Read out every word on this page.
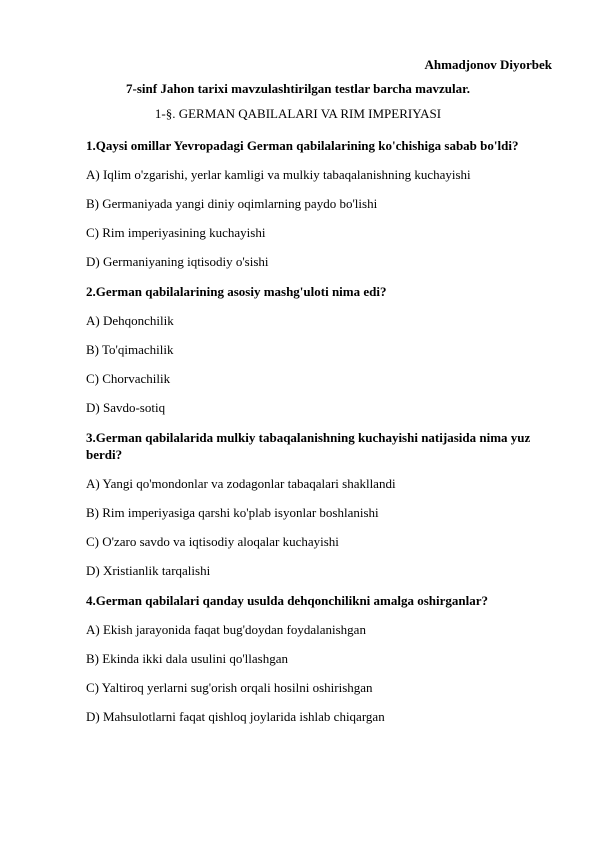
Ahmadjonov Diyorbek
7-sinf Jahon tarixi mavzulashtirilgan testlar barcha mavzular.
1-§. GERMAN QABILALARI VA RIM IMPERIYASI

1.Qaysi omillar Yevropadagi German qabilalarining ko'chishiga sabab bo'ldi?

A) Iqlim o'zgarishi, yerlar kamligi va mulkiy tabaqalanishning kuchayishi

B) Germaniyada yangi diniy oqimlarning paydo bo'lishi

C) Rim imperiyasining kuchayishi

D) Germaniyaning iqtisodiy o'sishi

2.German qabilalarining asosiy mashg'uloti nima edi?

A) Dehqonchilik

B) To'qimachilik

C) Chorvachilik

D) Savdo-sotiq

3.German qabilalarida mulkiy tabaqalanishning kuchayishi natijasida nima yuz berdi?

A) Yangi qo'mondonlar va zodagonlar tabaqalari shakllandi

B) Rim imperiyasiga qarshi ko'plab isyonlar boshlanishi

C) O'zaro savdo va iqtisodiy aloqalar kuchayishi

D) Xristianlik tarqalishi

4.German qabilalari qanday usulda dehqonchilikni amalga oshirganlar?

A) Ekish jarayonida faqat bug'doydan foydalanishgan

B) Ekinda ikki dala usulini qo'llashgan

C) Yaltiroq yerlarni sug'orish orqali hosilni oshirishgan

D) Mahsulotlarni faqat qishloq joylarida ishlab chiqargan
